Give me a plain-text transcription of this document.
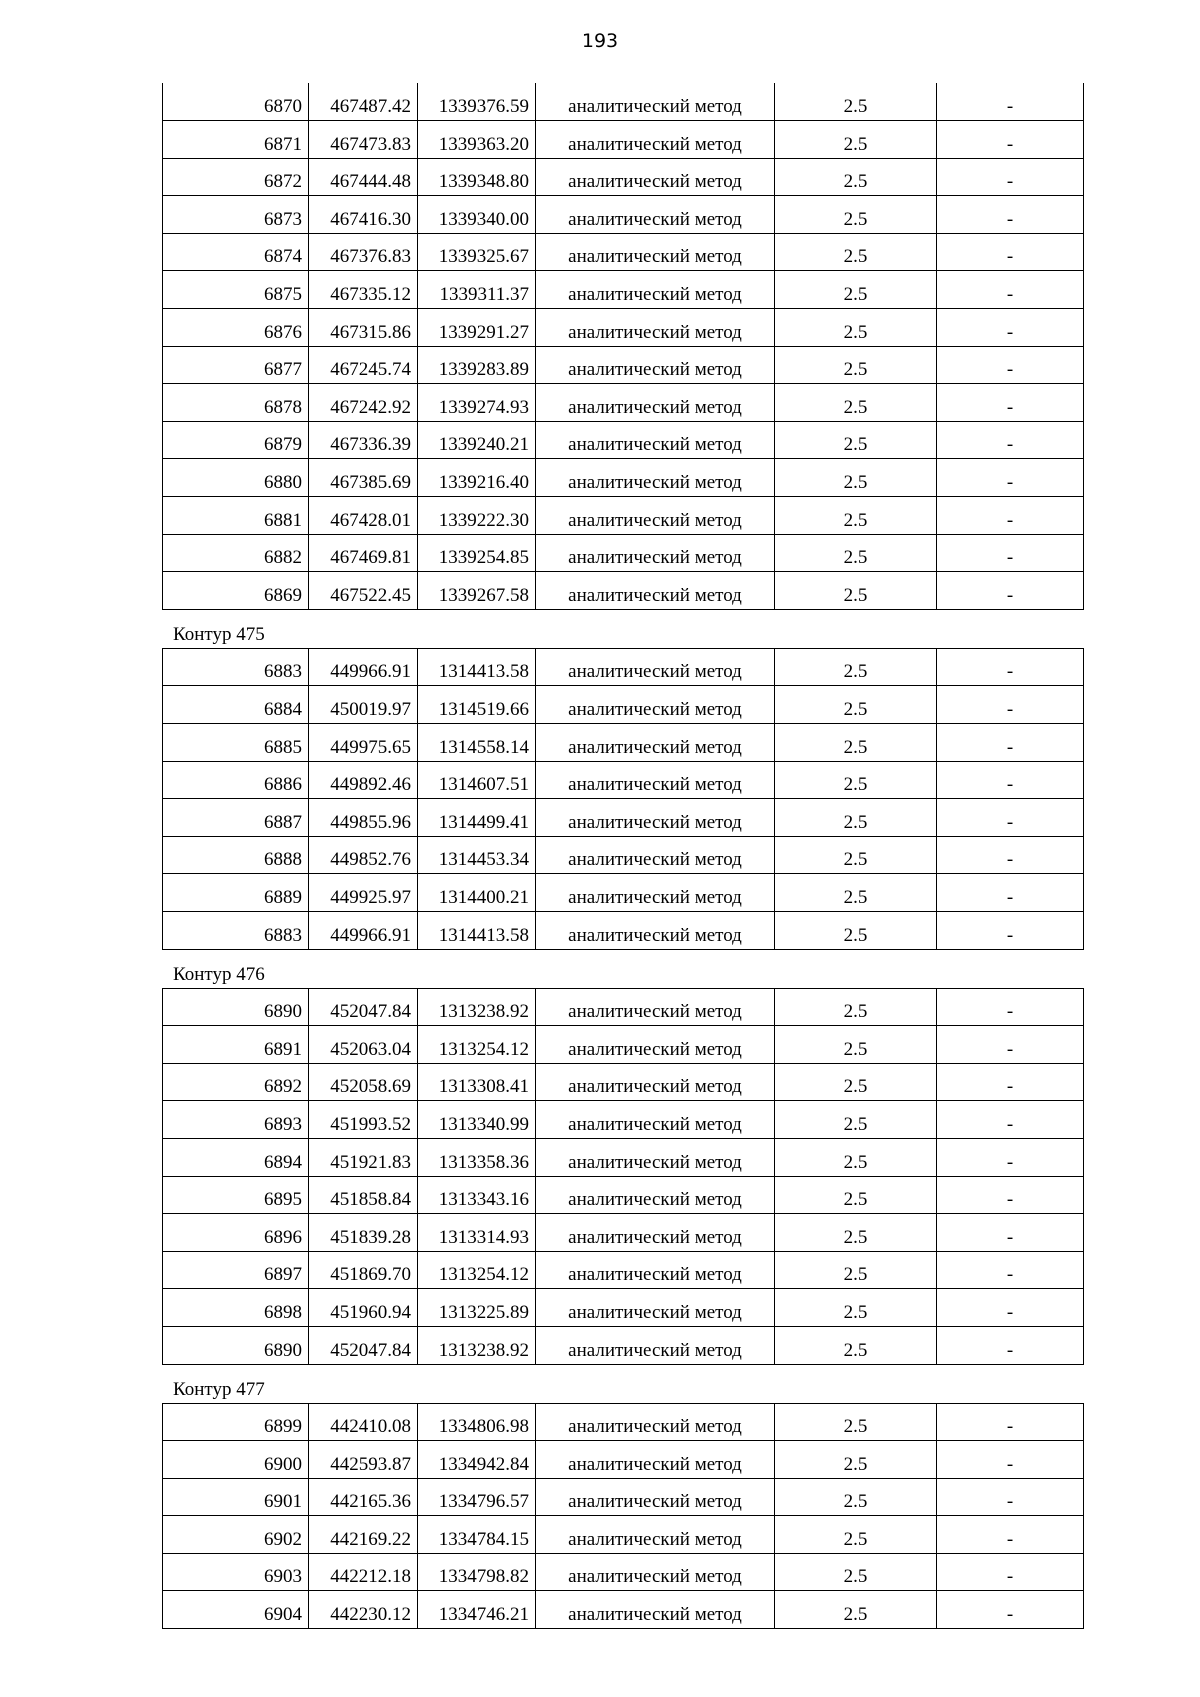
193
6870	467487.42	1339376.59	аналитический метод	2.5	-
6871	467473.83	1339363.20	аналитический метод	2.5	-
6872	467444.48	1339348.80	аналитический метод	2.5	-
6873	467416.30	1339340.00	аналитический метод	2.5	-
6874	467376.83	1339325.67	аналитический метод	2.5	-
6875	467335.12	1339311.37	аналитический метод	2.5	-
6876	467315.86	1339291.27	аналитический метод	2.5	-
6877	467245.74	1339283.89	аналитический метод	2.5	-
6878	467242.92	1339274.93	аналитический метод	2.5	-
6879	467336.39	1339240.21	аналитический метод	2.5	-
6880	467385.69	1339216.40	аналитический метод	2.5	-
6881	467428.01	1339222.30	аналитический метод	2.5	-
6882	467469.81	1339254.85	аналитический метод	2.5	-
6869	467522.45	1339267.58	аналитический метод	2.5	-
Контур 475
6883	449966.91	1314413.58	аналитический метод	2.5	-
6884	450019.97	1314519.66	аналитический метод	2.5	-
6885	449975.65	1314558.14	аналитический метод	2.5	-
6886	449892.46	1314607.51	аналитический метод	2.5	-
6887	449855.96	1314499.41	аналитический метод	2.5	-
6888	449852.76	1314453.34	аналитический метод	2.5	-
6889	449925.97	1314400.21	аналитический метод	2.5	-
6883	449966.91	1314413.58	аналитический метод	2.5	-
Контур 476
6890	452047.84	1313238.92	аналитический метод	2.5	-
6891	452063.04	1313254.12	аналитический метод	2.5	-
6892	452058.69	1313308.41	аналитический метод	2.5	-
6893	451993.52	1313340.99	аналитический метод	2.5	-
6894	451921.83	1313358.36	аналитический метод	2.5	-
6895	451858.84	1313343.16	аналитический метод	2.5	-
6896	451839.28	1313314.93	аналитический метод	2.5	-
6897	451869.70	1313254.12	аналитический метод	2.5	-
6898	451960.94	1313225.89	аналитический метод	2.5	-
6890	452047.84	1313238.92	аналитический метод	2.5	-
Контур 477
6899	442410.08	1334806.98	аналитический метод	2.5	-
6900	442593.87	1334942.84	аналитический метод	2.5	-
6901	442165.36	1334796.57	аналитический метод	2.5	-
6902	442169.22	1334784.15	аналитический метод	2.5	-
6903	442212.18	1334798.82	аналитический метод	2.5	-
6904	442230.12	1334746.21	аналитический метод	2.5	-
